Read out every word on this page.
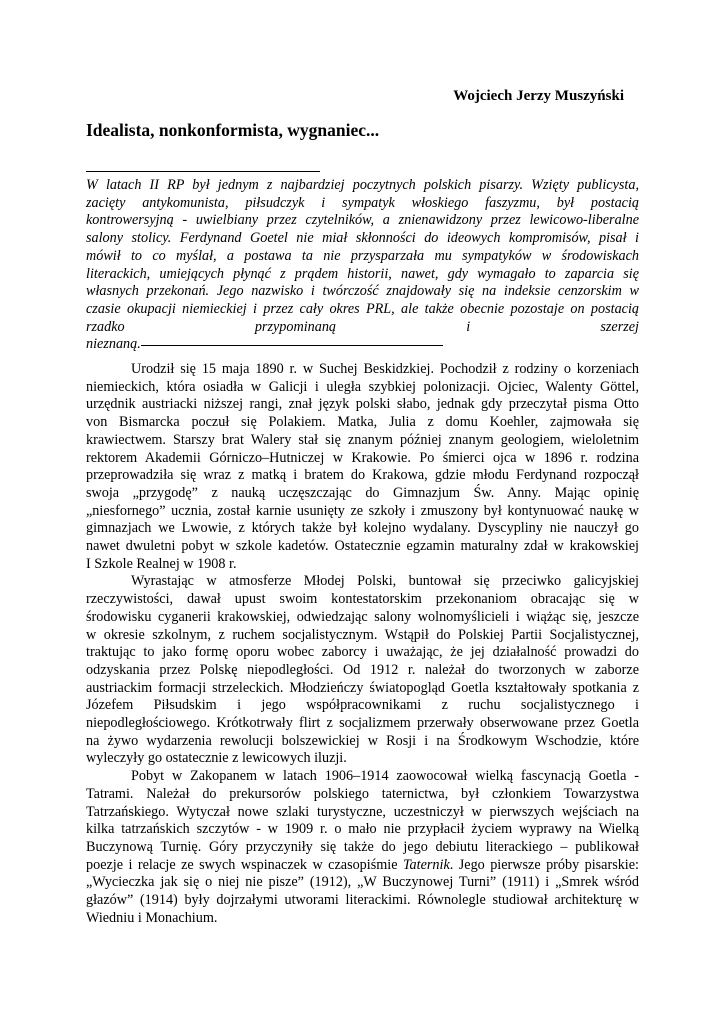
Wojciech Jerzy Muszyński
Idealista, nonkonformista, wygnaniec...

W latach II RP był jednym z najbardziej poczytnych polskich pisarzy. Wzięty publicysta,

zacięty antykomunista, piłsudczyk i sympatyk włoskiego faszyzmu, był postacią

kontrowersyjną - uwielbiany przez czytelników, a znienawidzony przez lewicowo-liberalne

salony stolicy. Ferdynand Goetel nie miał skłonności do ideowych kompromisów, pisał i

mówił to co myślał, a postawa ta nie przysparzała mu sympatyków w środowiskach

literackich, umiejących płynąć z prądem historii, nawet, gdy wymagało to zaparcia się

własnych przekonań. Jego nazwisko i twórczość znajdowały się na indeksie cenzorskim w

czasie okupacji niemieckiej i przez cały okres PRL, ale także obecnie pozostaje on postacią

rzadko przypominaną i szerzej

nieznaną.

Urodził się 15 maja 1890 r. w Suchej Beskidzkiej. Pochodził z rodziny o korzeniach

niemieckich, która osiadła w Galicji i uległa szybkiej polonizacji. Ojciec, Walenty Göttel,

urzędnik austriacki niższej rangi, znał język polski słabo, jednak gdy przeczytał pisma Otto

von Bismarcka poczuł się Polakiem. Matka, Julia z domu Koehler, zajmowała się

krawiectwem. Starszy brat Walery stał się znanym później znanym geologiem, wieloletnim

rektorem Akademii Górniczo–Hutniczej w Krakowie. Po śmierci ojca w 1896 r. rodzina

przeprowadziła się wraz z matką i bratem do Krakowa, gdzie młodu Ferdynand rozpoczął

swoja „przygodę” z nauką uczęszczając do Gimnazjum Św. Anny. Mając opinię

„niesfornego” ucznia, został karnie usunięty ze szkoły i zmuszony był kontynuować naukę w

gimnazjach we Lwowie, z których także był kolejno wydalany. Dyscypliny nie nauczył go

nawet dwuletni pobyt w szkole kadetów. Ostatecznie egzamin maturalny zdał w krakowskiej

I Szkole Realnej w 1908 r.

Wyrastając w atmosferze Młodej Polski, buntował się przeciwko galicyjskiej

rzeczywistości, dawał upust swoim kontestatorskim przekonaniom obracając się w

środowisku cyganerii krakowskiej, odwiedzając salony wolnomyślicieli i wiążąc się, jeszcze

w okresie szkolnym, z ruchem socjalistycznym. Wstąpił do Polskiej Partii Socjalistycznej,

traktując to jako formę oporu wobec zaborcy i uważając, że jej działalność prowadzi do

odzyskania przez Polskę niepodległości. Od 1912 r. należał do tworzonych w zaborze

austriackim formacji strzeleckich. Młodzieńczy światopogląd Goetla kształtowały spotkania z

Józefem Piłsudskim i jego współpracownikami z ruchu socjalistycznego i

niepodległościowego. Krótkotrwały flirt z socjalizmem przerwały obserwowane przez Goetla

na żywo wydarzenia rewolucji bolszewickiej w Rosji i na Środkowym Wschodzie, które

wyleczyły go ostatecznie z lewicowych iluzji.

Pobyt w Zakopanem w latach 1906–1914 zaowocował wielką fascynacją Goetla -

Tatrami. Należał do prekursorów polskiego taternictwa, był członkiem Towarzystwa

Tatrzańskiego. Wytyczał nowe szlaki turystyczne, uczestniczył w pierwszych wejściach na

kilka tatrzańskich szczytów - w 1909 r. o mało nie przypłacił życiem wyprawy na Wielką

Buczynową Turnię. Góry przyczyniły się także do jego debiutu literackiego – publikował

poezje i relacje ze swych wspinaczek w czasopiśmie Taternik. Jego pierwsze próby pisarskie:

„Wycieczka jak się o niej nie pisze” (1912), „W Buczynowej Turni” (1911) i „Smrek wśród

głazów” (1914) były dojrzałymi utworami literackimi. Równolegle studiował architekturę w

Wiedniu i Monachium.
